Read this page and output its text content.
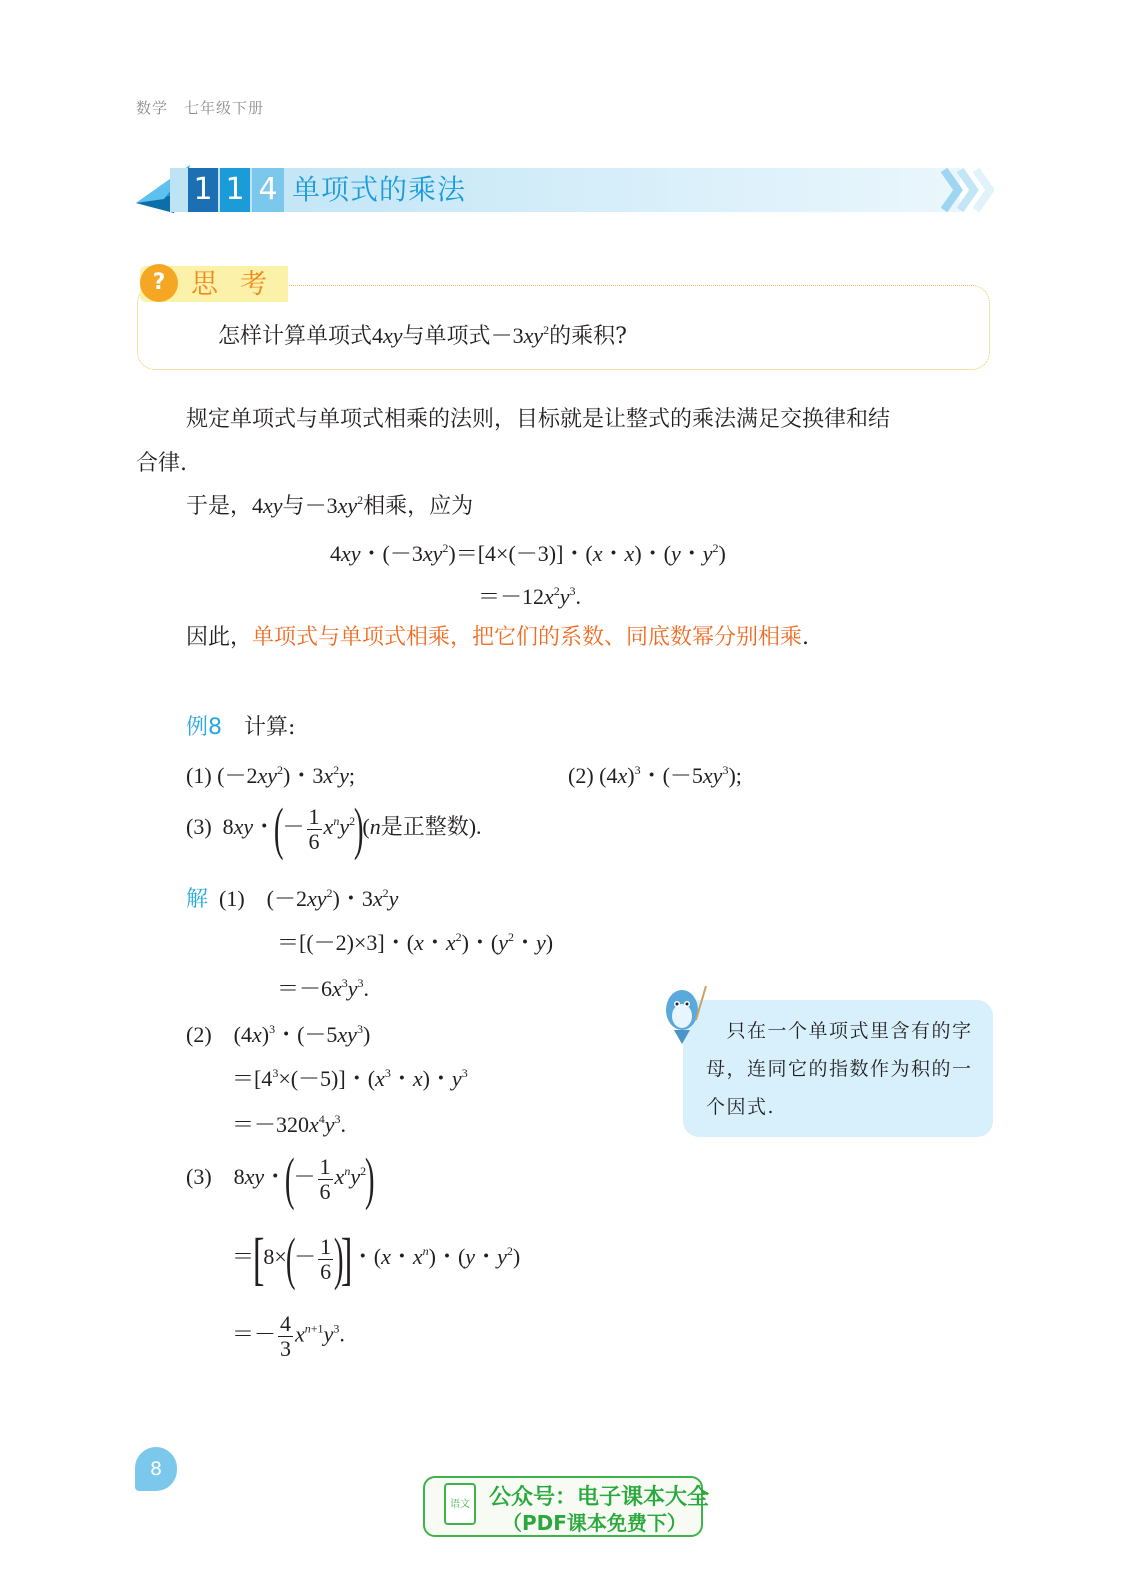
数学　七年级下册
1 1 4 单项式的乘法
? 思考
怎样计算单项式4xy与单项式$-3xy^2$的乘积?
规定单项式与单项式相乘的法则，目标就是让整式的乘法满足交换律和结
合律.
于是，4xy与$-3xy^2$相乘，应为
4xy・$(-3xy^2)=[4\times(-3)]$・(x・x)・(y・$y^2$)
$=-12x^2y^3$.
因此，单项式与单项式相乘，把它们的系数、同底数幂分别相乘.
例8　 计算:
(1) $(-2xy^2)$・$3x^2y$;	(2) $(4x)^3$・$(-5xy^3)$;
(3)  8xy・(－ $\frac{1}{6} x^ny^2)(n$是正整数).
解 (1)    $(-2xy^2)$・$3x^2y$
＝[(－2)×3]・(x・$x^2$)・($y^2$・y)
$=-6x^3y^3$.
(2)    $(4x)^3$・$(-5xy^3)$
$=[4^3\times(-5)]$・($x^3$・x)・$y^3$
$=-320x^4y^3$.
(3)    8xy・(－ $\frac{1}{6} x^ny^2$)
$=[8\times(- \frac{1}{6}$ )]・(x・$x^n$)・(y・$y^2$)
＝－ $\frac{4}{3} x^{n+1}y^3$.
　只在一个单项式里含有的字母，连同它的指数作为积的一个因式.
8
语文 公众号：电子课本大全
（PDF课本免费下）
